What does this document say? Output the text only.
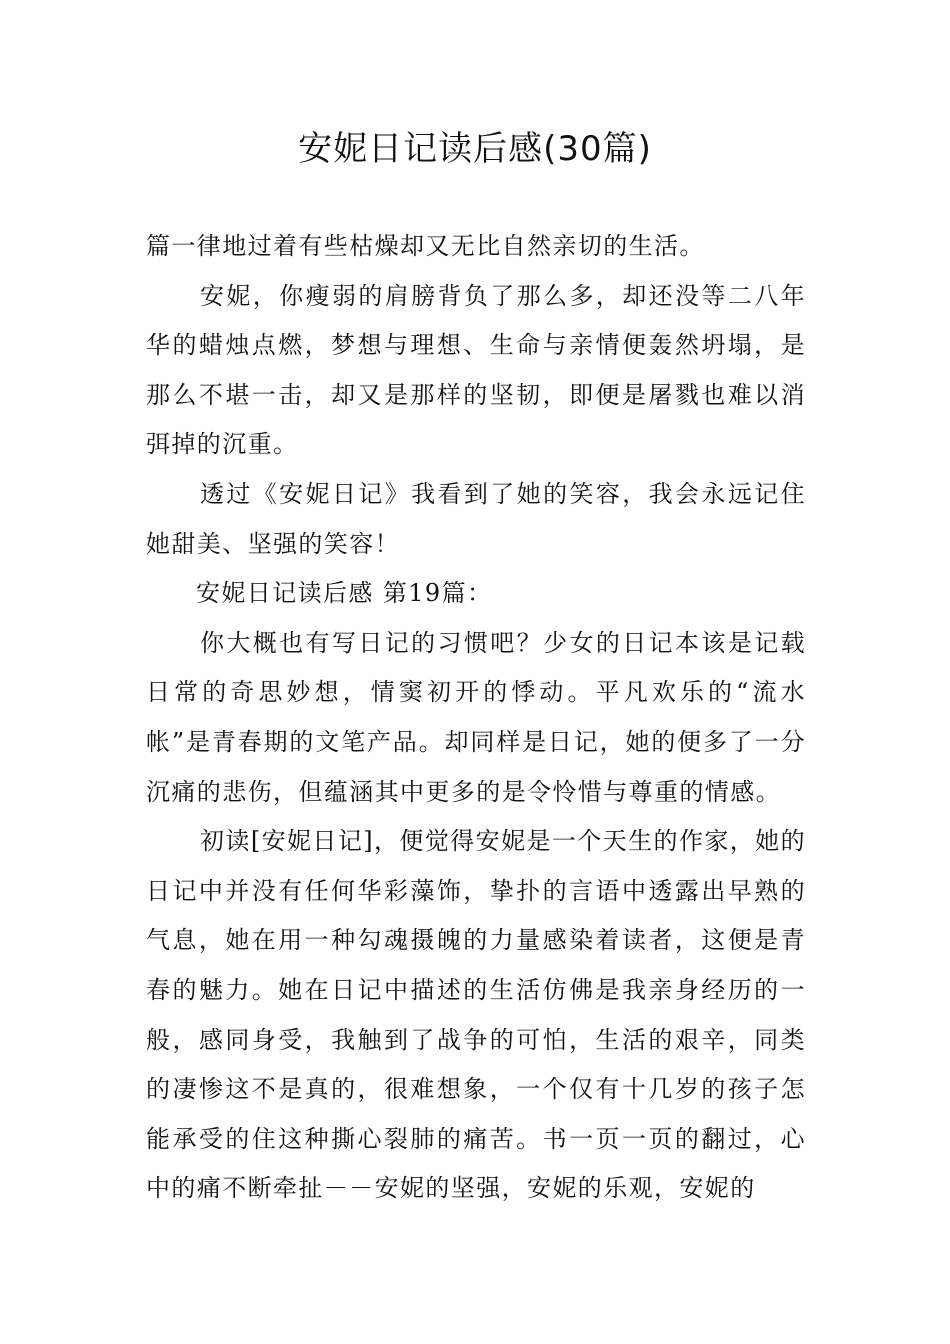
安妮日记读后感(30篇)

篇一律地过着有些枯燥却又无比自然亲切的生活。

安妮，你瘦弱的肩膀背负了那么多，却还没等二八年华的蜡烛点燃，梦想与理想、生命与亲情便轰然坍塌，是那么不堪一击，却又是那样的坚韧，即便是屠戮也难以消弭掉的沉重。

透过《安妮日记》我看到了她的笑容，我会永远记住她甜美、坚强的笑容！

安妮日记读后感 第19篇：

你大概也有写日记的习惯吧？少女的日记本该是记载日常的奇思妙想，情窦初开的悸动。平凡欢乐的“流水帐”是青春期的文笔产品。却同样是日记，她的便多了一分沉痛的悲伤，但蕴涵其中更多的是令怜惜与尊重的情感。

初读[安妮日记]，便觉得安妮是一个天生的作家，她的日记中并没有任何华彩藻饰，挚扑的言语中透露出早熟的气息，她在用一种勾魂摄魄的力量感染着读者，这便是青春的魅力。她在日记中描述的生活仿佛是我亲身经历的一般，感同身受，我触到了战争的可怕，生活的艰辛，同类的凄惨这不是真的，很难想象，一个仅有十几岁的孩子怎能承受的住这种撕心裂肺的痛苦。书一页一页的翻过，心中的痛不断牵扯－－安妮的坚强，安妮的乐观，安妮的
